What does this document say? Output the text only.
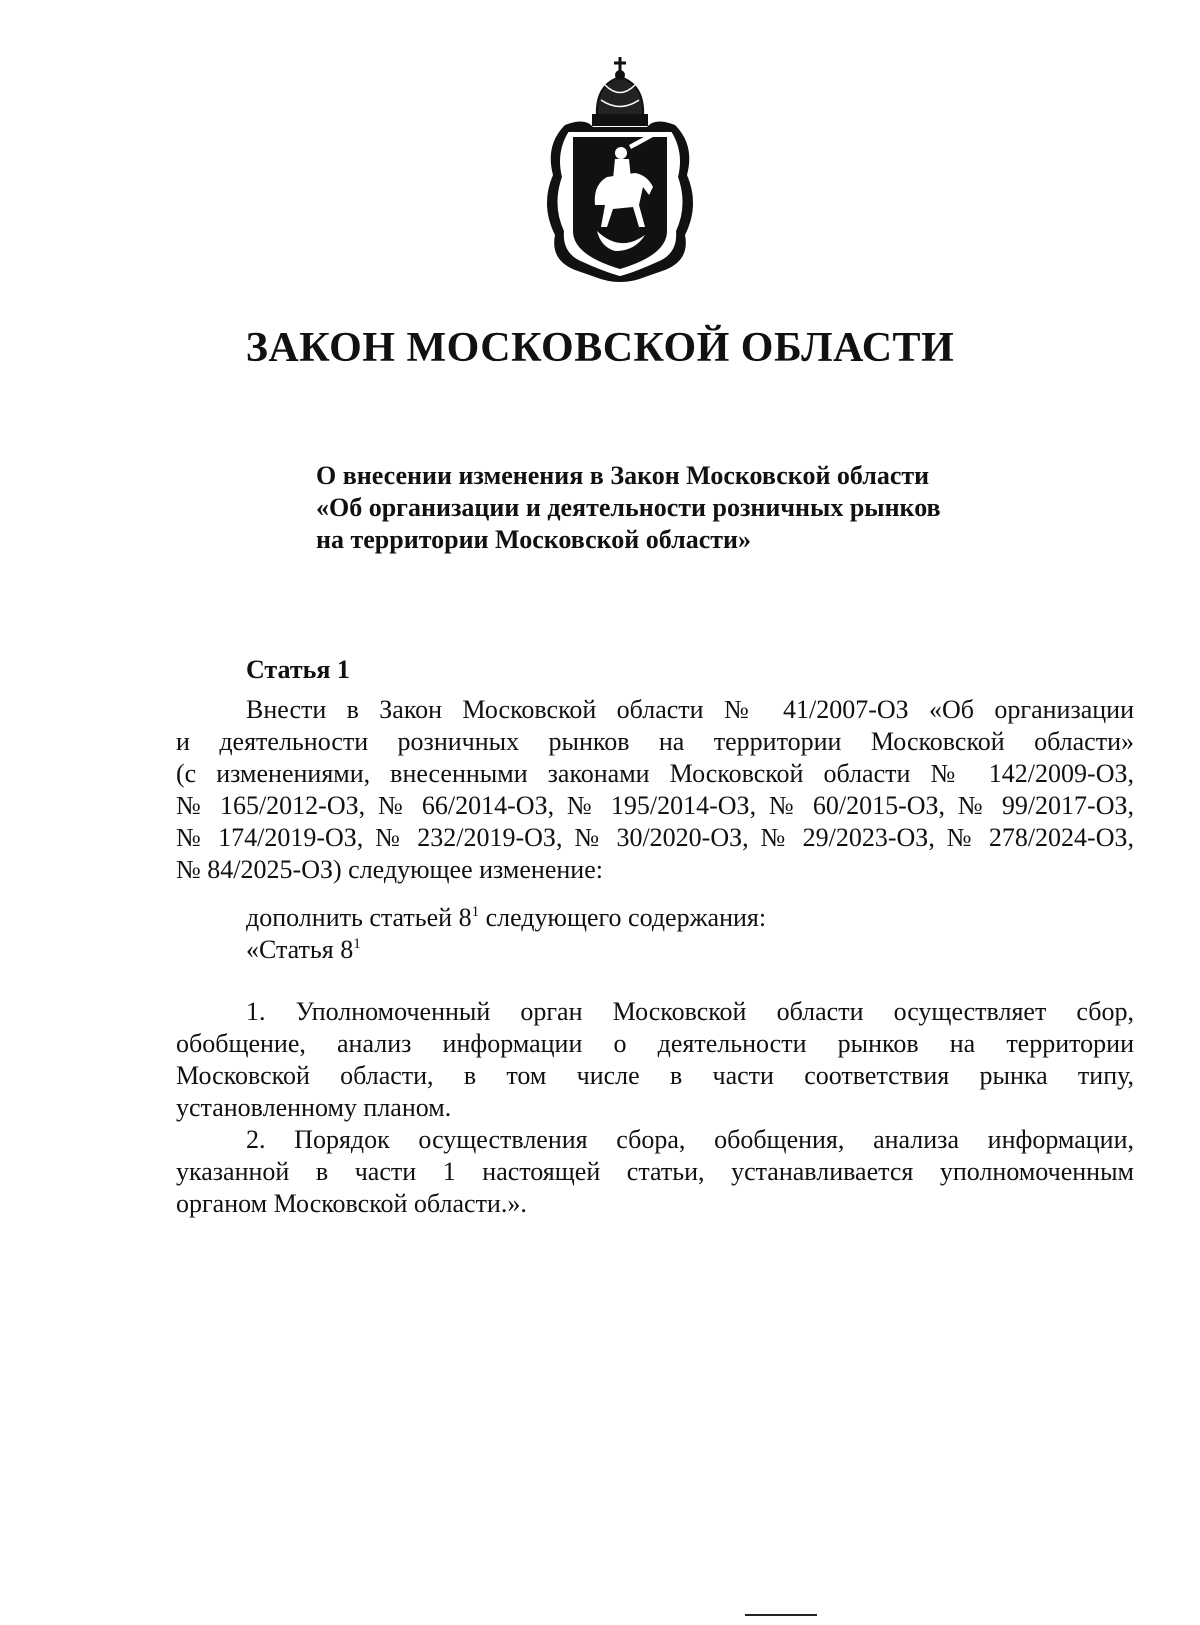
ЗАКОН МОСКОВСКОЙ ОБЛАСТИ
О внесении изменения в Закон Московской области
«Об организации и деятельности розничных рынков
на территории Московской области»
Статья 1
Внести в Закон Московской области № 41/2007-ОЗ «Об организации
и деятельности розничных рынков на территории Московской области»
(с изменениями, внесенными законами Московской области № 142/2009-ОЗ,
№ 165/2012-ОЗ, № 66/2014-ОЗ, № 195/2014-ОЗ, № 60/2015-ОЗ, № 99/2017-ОЗ,
№ 174/2019-ОЗ, № 232/2019-ОЗ, № 30/2020-ОЗ, № 29/2023-ОЗ, № 278/2024-ОЗ,
№ 84/2025-ОЗ) следующее изменение:
дополнить статьей $8^1$ следующего содержания:
«Статья $8^1$
1. Уполномоченный орган Московской области осуществляет сбор,
обобщение, анализ информации о деятельности рынков на территории
Московской области, в том числе в части соответствия рынка типу,
установленному планом.
2. Порядок осуществления сбора, обобщения, анализа информации,
указанной в части 1 настоящей статьи, устанавливается уполномоченным
органом Московской области.».
